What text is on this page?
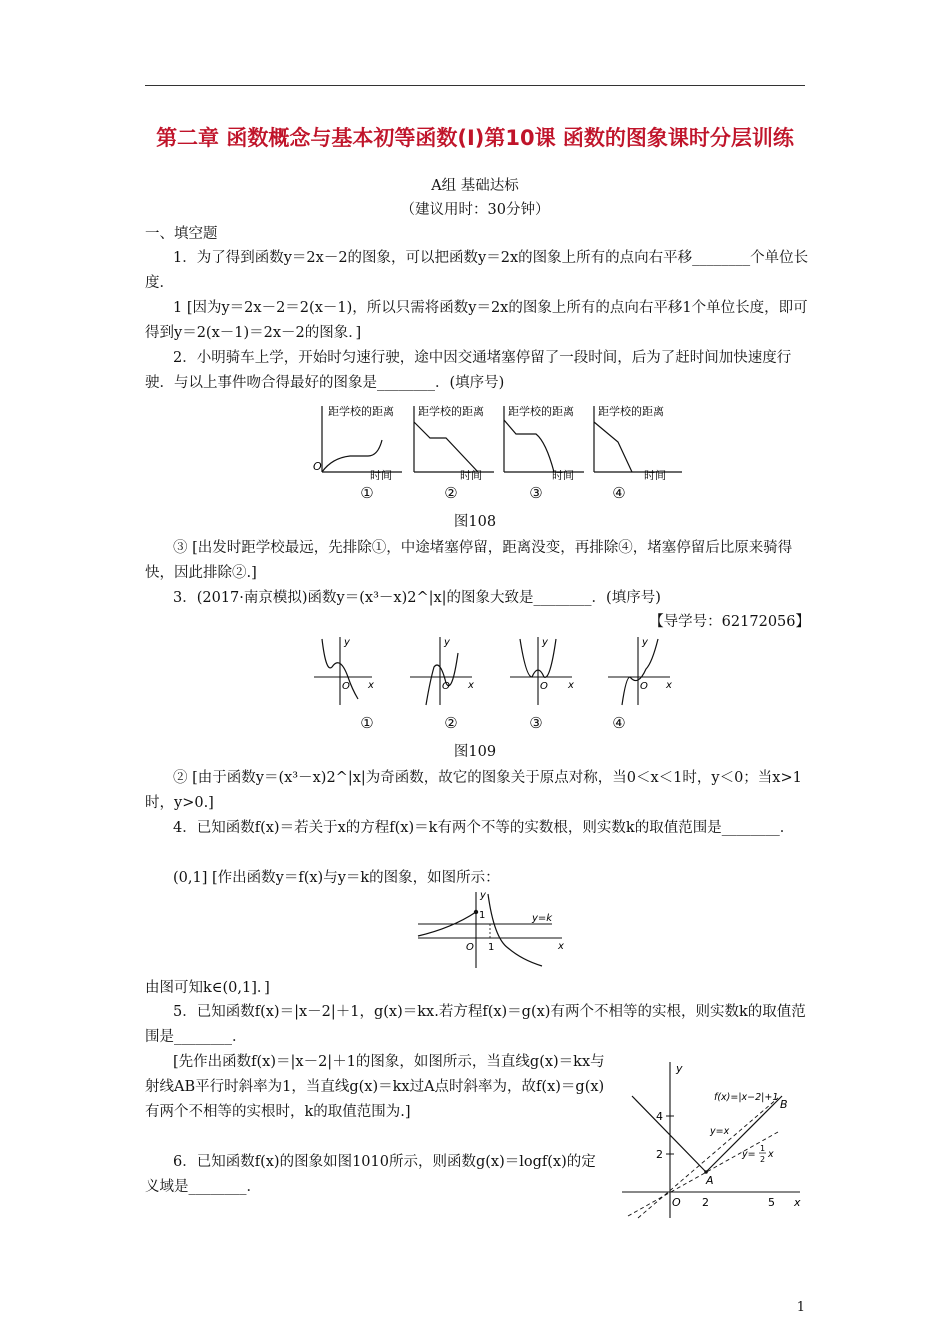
第二章 函数概念与基本初等函数(Ⅰ)第10课 函数的图象课时分层训练
A组 基础达标
（建议用时：30分钟）
一、填空题
1．为了得到函数y＝2x－2的图象，可以把函数y＝2x的图象上所有的点向右平移________个单位长度．
1 [因为y＝2x－2＝2(x－1)，所以只需将函数y＝2x的图象上所有的点向右平移1个单位长度，即可得到y＝2(x－1)＝2x－2的图象．]
2．小明骑车上学，开始时匀速行驶，途中因交通堵塞停留了一段时间，后为了赶时间加快速度行驶．与以上事件吻合得最好的图象是________．(填序号)
距学校的距离
时间
O
距学校的距离
时间
距学校的距离
时间
距学校的距离
时间
①	②	③	④
图108
③ [出发时距学校最远，先排除①，中途堵塞停留，距离没变，再排除④，堵塞停留后比原来骑得快，因此排除②.]
3．(2017·南京模拟)函数y＝(x³－x)2^|x|的图象大致是________．(填序号)
【导学号：62172056】
y
x
O
y
x
O
y
x
O
y
x
O
①	②	③	④
图109
② [由于函数y＝(x³－x)2^|x|为奇函数，故它的图象关于原点对称，当0＜x＜1时，y＜0；当x>1时，y>0.]
4．已知函数f(x)＝若关于x的方程f(x)＝k有两个不等的实数根，则实数k的取值范围是________．
(0,1] [作出函数y＝f(x)与y＝k的图象，如图所示：
y
x
O 1
1	y=k
由图可知k∈(0,1]．]
5．已知函数f(x)＝|x－2|＋1，g(x)＝kx.若方程f(x)＝g(x)有两个不相等的实根，则实数k的取值范围是________．
[先作出函数f(x)＝|x－2|＋1的图象，如图所示，当直线g(x)＝kx与射线AB平行时斜率为1，当直线g(x)＝kx过A点时斜率为，故f(x)＝g(x)有两个不相等的实根时，k的取值范围为.]
6．已知函数f(x)的图象如图1010所示，则函数g(x)＝logf(x)的定义域是________．
y
x
O
f(x)=|x−2|+1
B
A
y=x
y=
1
2 x
4
2
2	5
1
